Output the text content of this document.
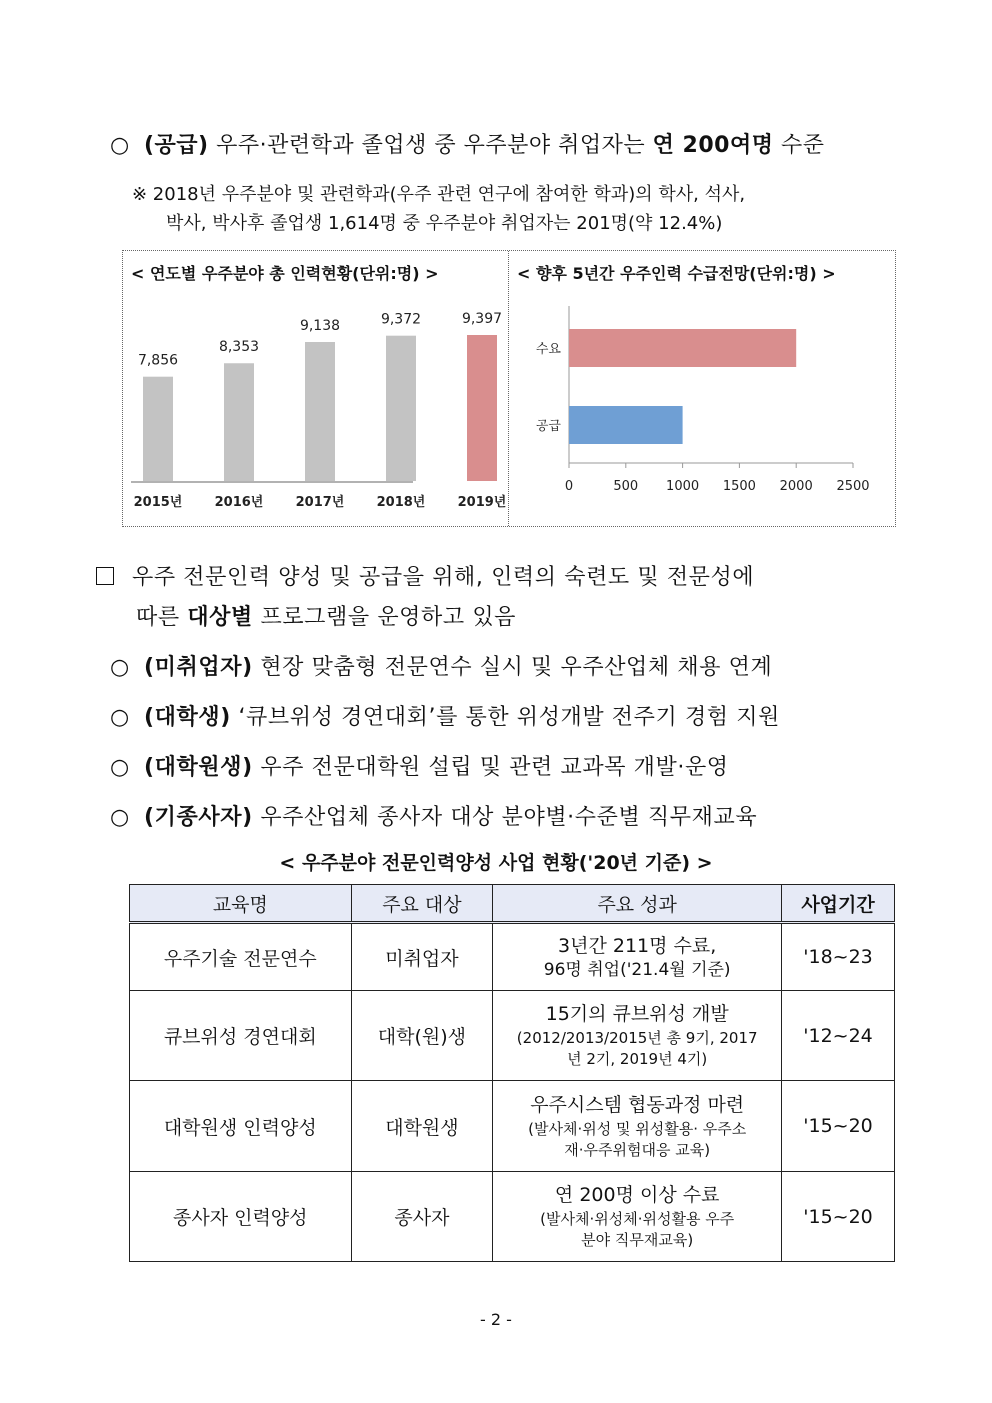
○ (공급) 우주·관련학과 졸업생 중 우주분야 취업자는 연 200여명 수준
※ 2018년 우주분야 및 관련학과(우주 관련 연구에 참여한 학과)의 학사, 석사,
박사, 박사후 졸업생 1,614명 중 우주분야 취업자는 201명(약 12.4%)
< 연도별 우주분야 총 인력현황(단위:명) >	< 향후 5년간 우주인력 수급전망(단위:명) >
7,856
2015년
8,353
2016년
9,138
2017년
9,372
2018년
9,397
2019년
수요
공급
0	500 1000 1500 2000 2500
우주 전문인력 양성 및 공급을 위해, 인력의 숙련도 및 전문성에
따른 대상별 프로그램을 운영하고 있음
○ (미취업자) 현장 맞춤형 전문연수 실시 및 우주산업체 채용 연계
○ (대학생) ‘큐브위성 경연대회’를 통한 위성개발 전주기 경험 지원
○ (대학원생) 우주 전문대학원 설립 및 관련 교과목 개발·운영
○ (기종사자) 우주산업체 종사자 대상 분야별·수준별 직무재교육
< 우주분야 전문인력양성 사업 현황('20년 기준) >
교육명	주요 대상	주요 성과	사업기간
우주기술 전문연수	미취업자	3년간 211명 수료,
96명 취업('21.4월 기준)	'18~23
큐브위성 경연대회	대학(원)생	15기의 큐브위성 개발
(2012/2013/2015년 총 9기, 2017년 2기, 2019년 4기)	'12~24
대학원생 인력양성	대학원생	우주시스템 협동과정 마련
(발사체·위성 및 위성활용· 우주소재·우주위험대응 교육)	'15~20
종사자 인력양성	종사자	연 200명 이상 수료
(발사체·위성체·위성활용 우주분야 직무재교육)	'15~20
- 2 -
